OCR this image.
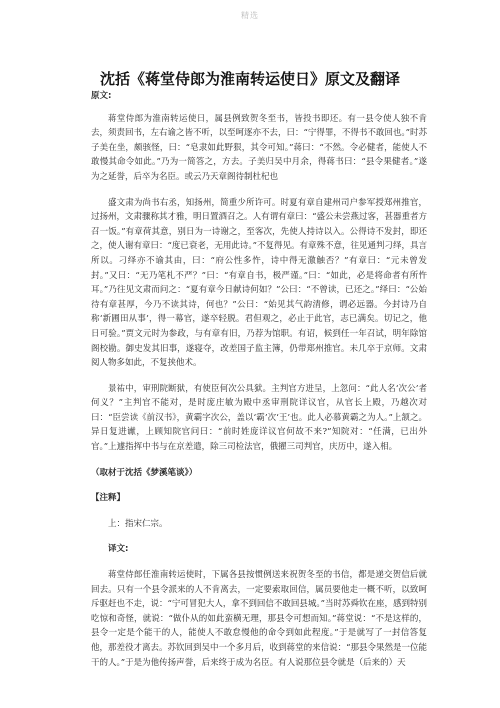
精选
沈括《蒋堂侍郎为淮南转运使日》原文及翻译

原文:

蒋堂侍郎为淮南转运使日，属县例致贺冬至书，皆投书即还。有一县令使人独不肯去，须责回书，左右谕之皆不听，以至呵逐亦不去，曰：“宁得罪，不得书不敢回也。”时苏子美在坐，颇骇怪，曰：“皂隶如此野狠，其令可知。”蒋曰：“不然。令必健者，能使人不敢慢其命令如此。”乃为一简答之，方去。子美归吴中月余，得蒋书曰：“县令果健者。”遂为之延誉，后卒为名臣。或云乃天章阁待制杜杞也

盛文肃为尚书右丞，知扬州，简重少所许可。时夏有章自建州司户参军授郑州推官，过扬州，文肃骤称其才雅，明日置酒召之。人有谓有章曰：“盛公未尝燕过客，甚器重者方召一饭。”有章荷其意，别日为一诗谢之，至客次，先使人持诗以入。公得诗不发封，即还之，使人谢有章曰：“度已衰老，无用此诗。”不复得见。有章殊不意，往见通判刁绎，具言所以。刁绎亦不谕其由，曰：“府公性多忤，诗中得无激触否？”有章曰：“元未曾发封。”又曰：“无乃笔札不严？”曰：“有章自书，极严谨。”曰：“如此，必是将命者有所忤耳。”乃往见文肃而问之：“夏有章今日献诗何如？”公曰：“不曾读，已还之。”绎曰：“公始待有章甚厚，今乃不读其诗，何也？”公曰：“始见其气韵清修，谓必远器。今封诗乃自称‘新圃田从事’，得一幕官，遂卒轻脱。君但观之，必止于此官，志已满矣。切记之，他日可验。”贾文元时为参政，与有章有旧，乃荐为馆职。有诏，候到任一年召试，明年除馆阁校勘。御史发其旧事，遂寝夺，改差国子监主簿，仍带郑州推官。未几卒于京师。文肃阅人物多如此，不复挟他术。

景祐中，审刑院断狱，有使臣何次公具狱。主判官方进呈，上忽问：“此人名‘次公’者何义？”主判官不能对，是时庞庄敏为殿中丞审刑院详议官，从官长上殿，乃越次对曰：“臣尝读《前汉书》，黄霸字次公，盖以‘霸’次‘王’也。此人必慕黄霸之为人。”上颔之。异日复进谳，上顾知院官问曰：“前时姓庞详议官何故不来?”知院对：“任满，已出外官。”上遽指挥中书与在京差遣，除三司检法官，俄擢三司判官，庆历中，遂入相。

（取材于沈括《梦溪笔谈》）

【注释】

上：指宋仁宗。

译文:

蒋堂侍郎任淮南转运使时，下属各县按惯例送来祝贺冬至的书信，都是递交贺信后就回去。只有一个县令派来的人不肯离去，一定要索取回信，属员要他走一概不听，以致呵斥驱赶也不走，说：“宁可冒犯大人，拿不到回信不敢回县城。”当时苏舜钦在座，感到特别吃惊和奇怪，就说：“做仆从的如此蛮横无理，那县令可想而知。”蒋堂说：“不是这样的，县令一定是个能干的人，能使人不敢怠慢他的命令到如此程度。”于是就写了一封信答复他，那差役才离去。苏钦回到吴中一个多月后，收到蒋堂的来信说：“那县令果然是一位能干的人。”于是为他传扬声誉，后来终于成为名臣。有人说那位县令就是（后来的）天
